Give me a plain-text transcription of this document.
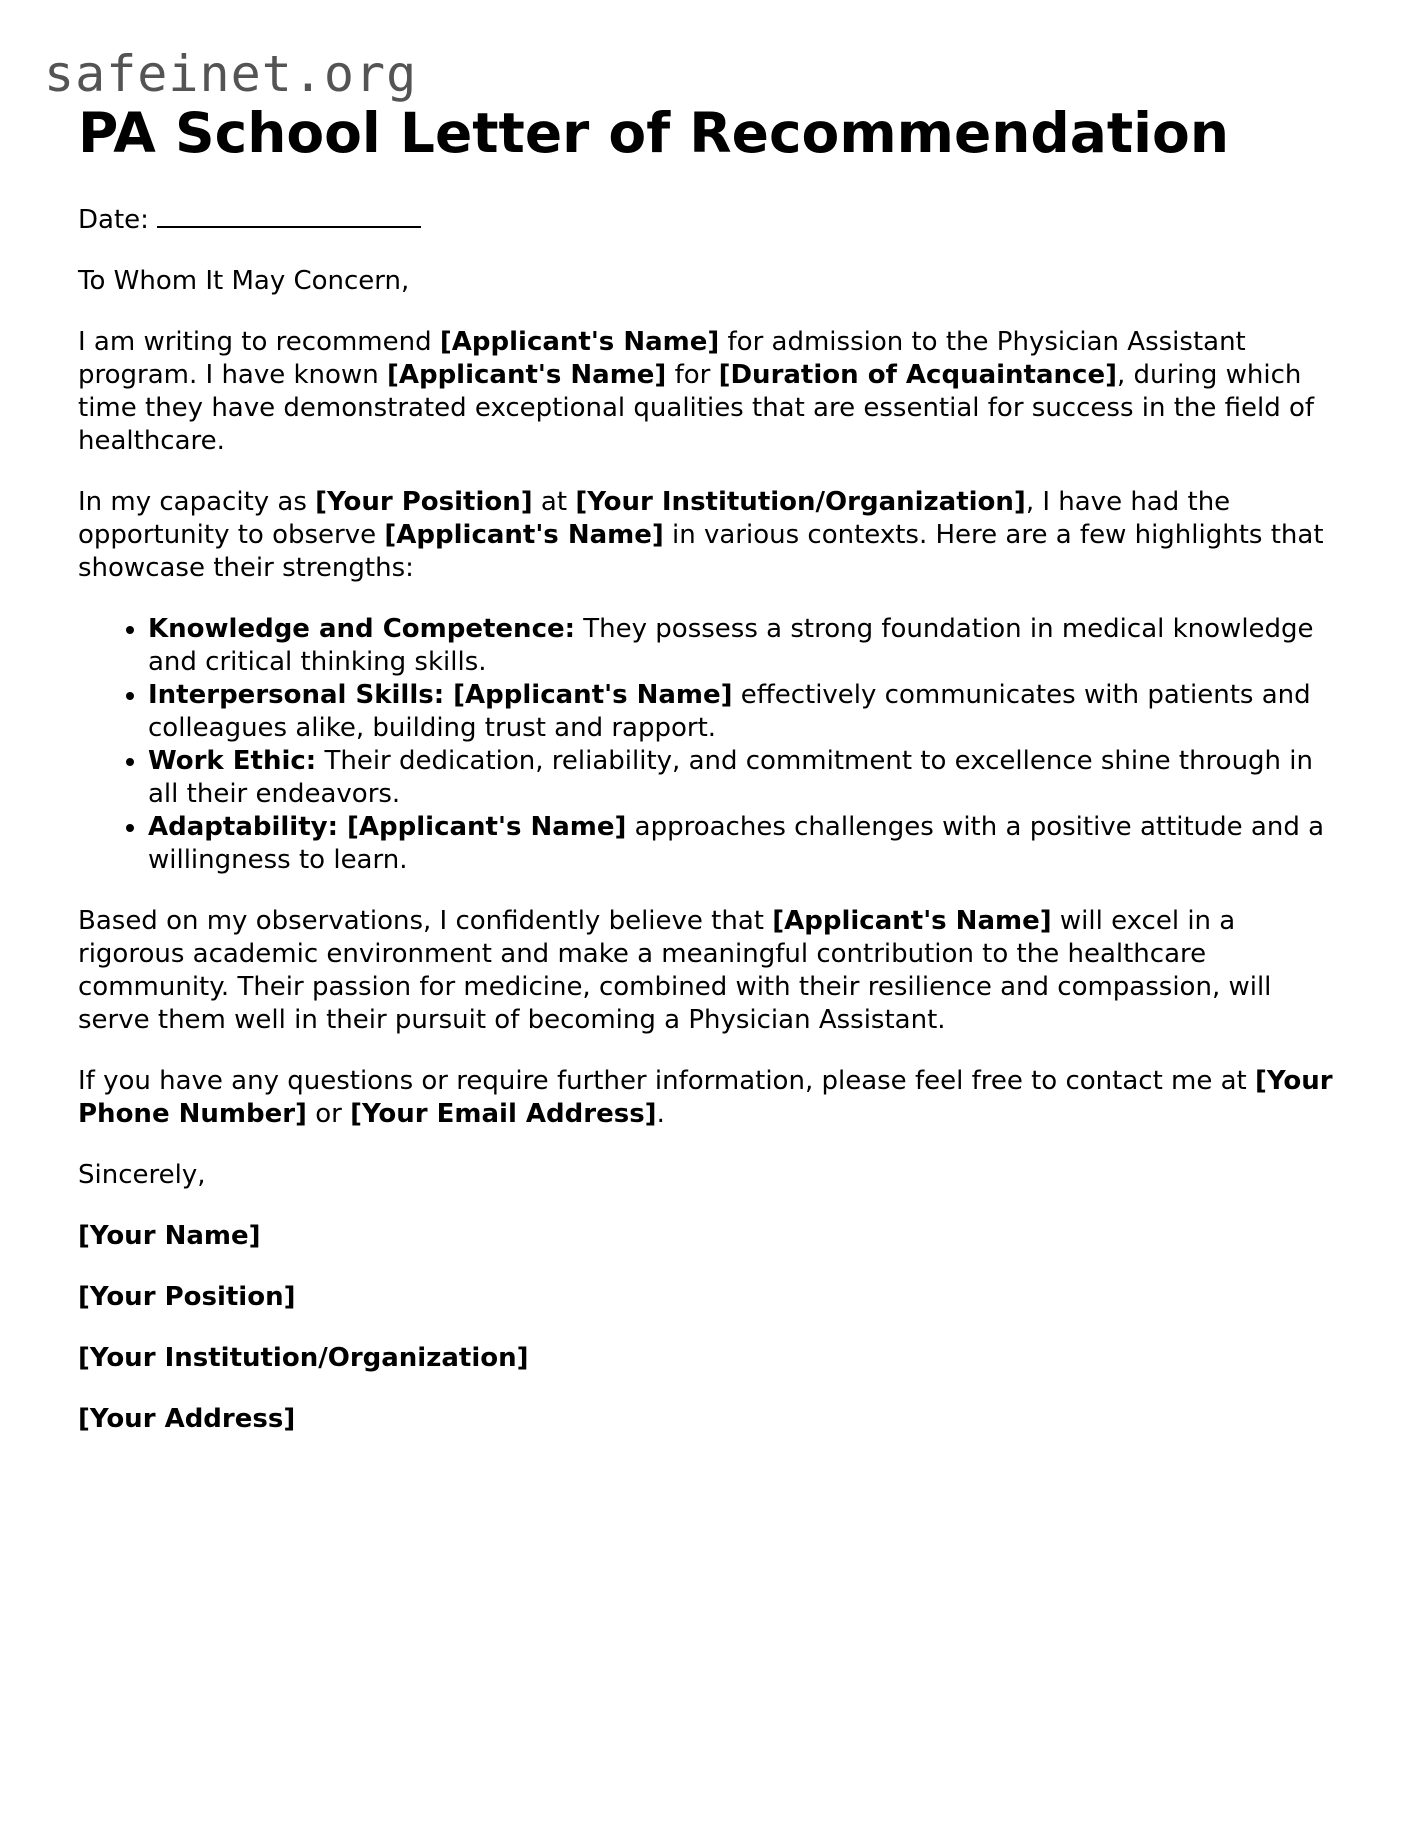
safeinet.org
PA School Letter of Recommendation

Date:

To Whom It May Concern,

I am writing to recommend [Applicant's Name] for admission to the Physician Assistant program. I have known [Applicant's Name] for [Duration of Acquaintance], during which time they have demonstrated exceptional qualities that are essential for success in the field of healthcare.

In my capacity as [Your Position] at [Your Institution/Organization], I have had the opportunity to observe [Applicant's Name] in various contexts. Here are a few highlights that showcase their strengths:

• Knowledge and Competence: They possess a strong foundation in medical knowledge and critical thinking skills.
• Interpersonal Skills: [Applicant's Name] effectively communicates with patients and colleagues alike, building trust and rapport.
• Work Ethic: Their dedication, reliability, and commitment to excellence shine through in all their endeavors.
• Adaptability: [Applicant's Name] approaches challenges with a positive attitude and a willingness to learn.

Based on my observations, I confidently believe that [Applicant's Name] will excel in a rigorous academic environment and make a meaningful contribution to the healthcare community. Their passion for medicine, combined with their resilience and compassion, will serve them well in their pursuit of becoming a Physician Assistant.

If you have any questions or require further information, please feel free to contact me at [Your Phone Number] or [Your Email Address].

Sincerely,

[Your Name]

[Your Position]

[Your Institution/Organization]

[Your Address]
